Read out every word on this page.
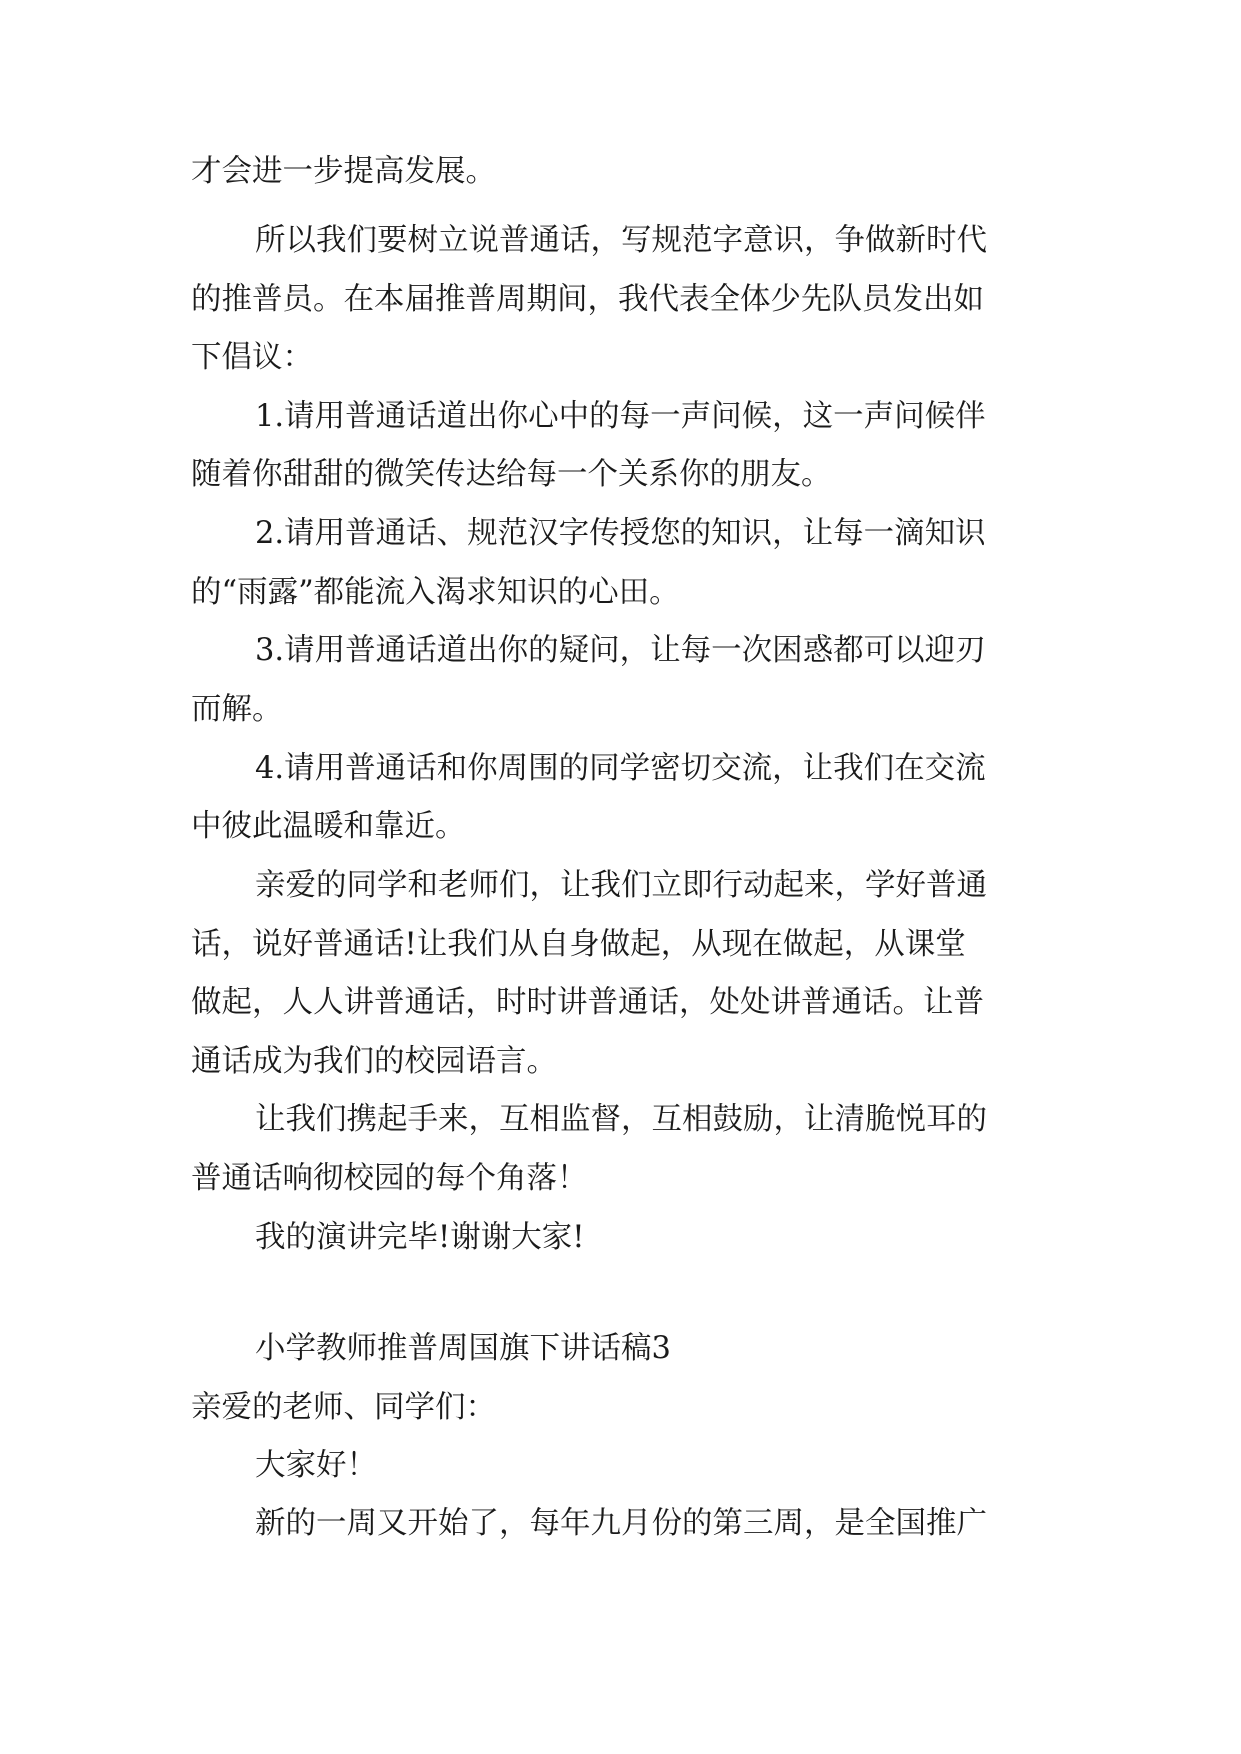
才会进一步提高发展。

所以我们要树立说普通话，写规范字意识，争做新时代

的推普员。在本届推普周期间，我代表全体少先队员发出如

下倡议：

1.请用普通话道出你心中的每一声问候，这一声问候伴

随着你甜甜的微笑传达给每一个关系你的朋友。

2.请用普通话、规范汉字传授您的知识，让每一滴知识

的“雨露”都能流入渴求知识的心田。

3.请用普通话道出你的疑问，让每一次困惑都可以迎刃

而解。

4.请用普通话和你周围的同学密切交流，让我们在交流

中彼此温暖和靠近。

亲爱的同学和老师们，让我们立即行动起来，学好普通

话，说好普通话!让我们从自身做起，从现在做起，从课堂

做起，人人讲普通话，时时讲普通话，处处讲普通话。让普

通话成为我们的校园语言。

让我们携起手来，互相监督，互相鼓励，让清脆悦耳的

普通话响彻校园的每个角落！

我的演讲完毕!谢谢大家!

小学教师推普周国旗下讲话稿3

亲爱的老师、同学们：

大家好！

新的一周又开始了，每年九月份的第三周，是全国推广
